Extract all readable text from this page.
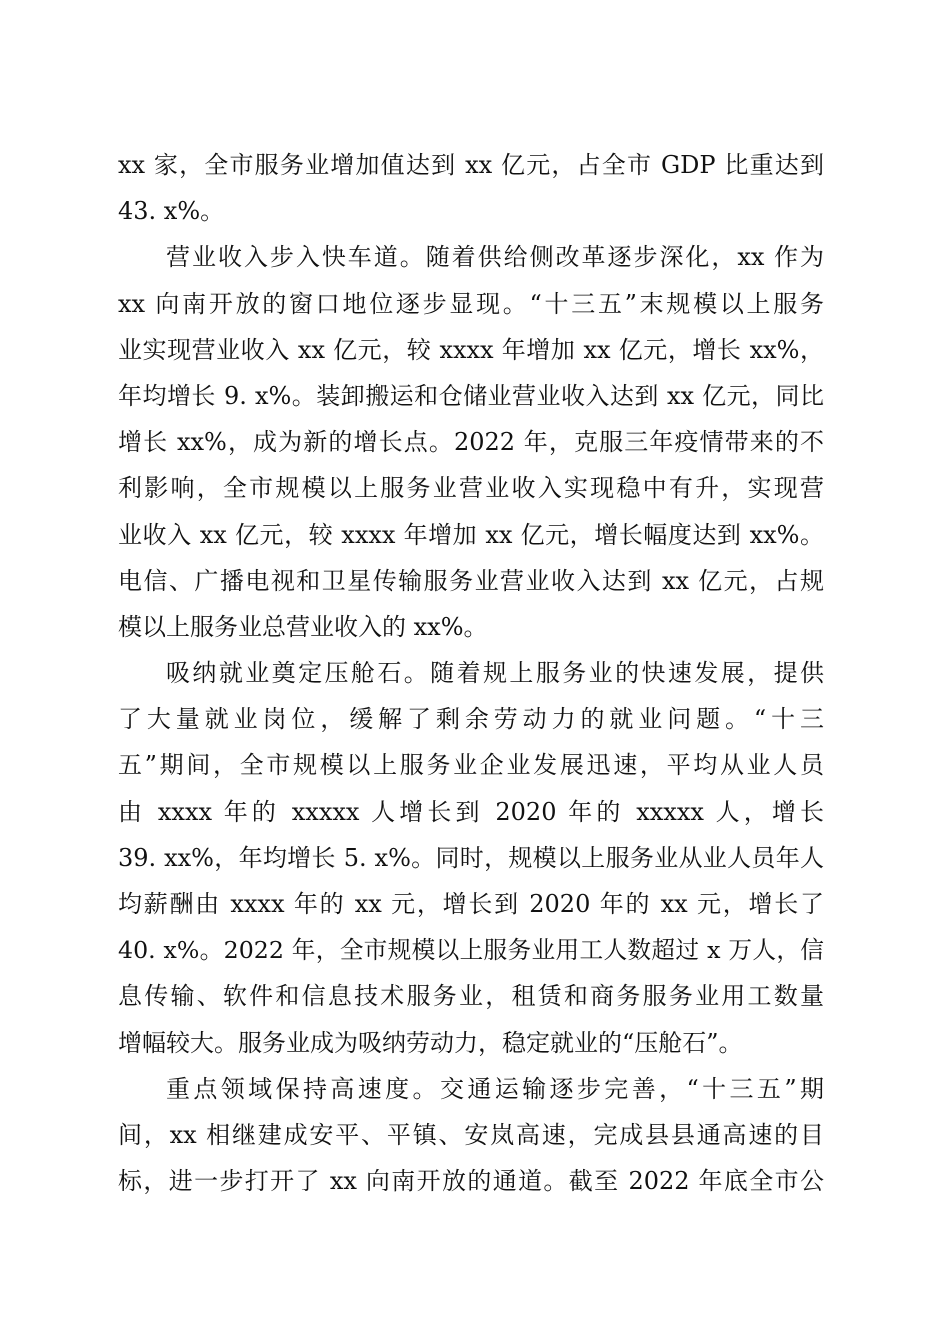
xx 家，全市服务业增加值达到 xx 亿元，占全市 GDP 比重达到
43. x%。
营业收入步入快车道。随着供给侧改革逐步深化，xx 作为
xx 向南开放的窗口地位逐步显现。“十三五”末规模以上服务
业实现营业收入 xx 亿元，较 xxxx 年增加 xx 亿元，增长 xx%，
年均增长 9. x%。装卸搬运和仓储业营业收入达到 xx 亿元，同比
增长 xx%，成为新的增长点。2022 年，克服三年疫情带来的不
利影响，全市规模以上服务业营业收入实现稳中有升，实现营
业收入 xx 亿元，较 xxxx 年增加 xx 亿元，增长幅度达到 xx%。
电信、广播电视和卫星传输服务业营业收入达到 xx 亿元，占规
模以上服务业总营业收入的 xx%。
吸纳就业奠定压舱石。随着规上服务业的快速发展，提供
了大量就业岗位，缓解了剩余劳动力的就业问题。“十三
五”期间，全市规模以上服务业企业发展迅速，平均从业人员
由 xxxx 年的 xxxxx 人增长到 2020 年的 xxxxx 人，增长
39. xx%，年均增长 5. x%。同时，规模以上服务业从业人员年人
均薪酬由 xxxx 年的 xx 元，增长到 2020 年的 xx 元，增长了
40. x%。2022 年，全市规模以上服务业用工人数超过 x 万人，信
息传输、软件和信息技术服务业，租赁和商务服务业用工数量
增幅较大。服务业成为吸纳劳动力，稳定就业的“压舱石”。
重点领域保持高速度。交通运输逐步完善，“十三五”期
间，xx 相继建成安平、平镇、安岚高速，完成县县通高速的目
标，进一步打开了 xx 向南开放的通道。截至 2022 年底全市公
